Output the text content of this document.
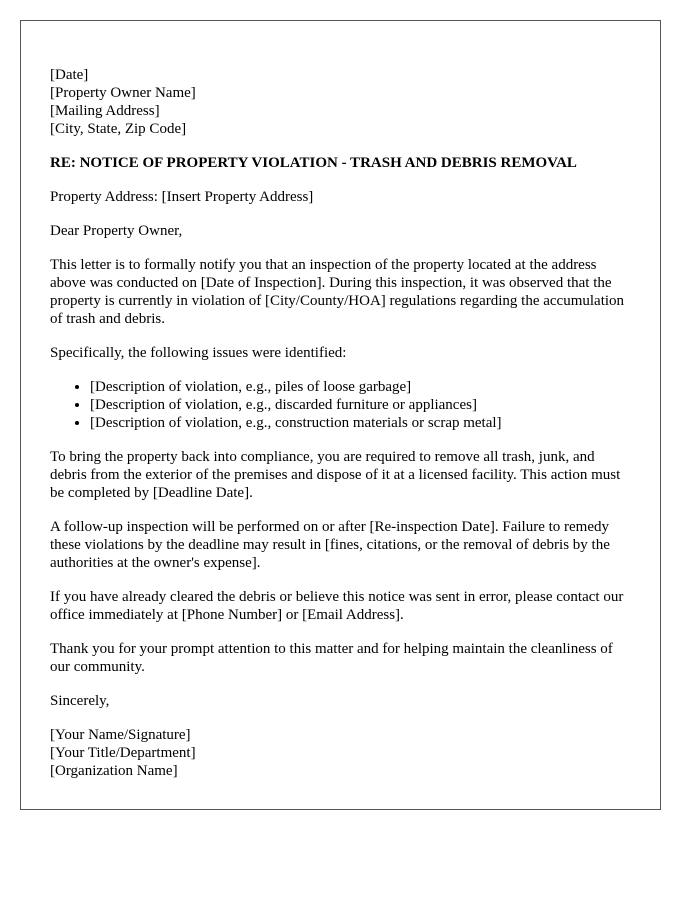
[Date]
[Property Owner Name]
[Mailing Address]
[City, State, Zip Code]

RE: NOTICE OF PROPERTY VIOLATION - TRASH AND DEBRIS REMOVAL

Property Address: [Insert Property Address]

Dear Property Owner,

This letter is to formally notify you that an inspection of the property located at the address above was conducted on [Date of Inspection]. During this inspection, it was observed that the property is currently in violation of [City/County/HOA] regulations regarding the accumulation of trash and debris.

Specifically, the following issues were identified:

• [Description of violation, e.g., piles of loose garbage]
• [Description of violation, e.g., discarded furniture or appliances]
• [Description of violation, e.g., construction materials or scrap metal]

To bring the property back into compliance, you are required to remove all trash, junk, and debris from the exterior of the premises and dispose of it at a licensed facility. This action must be completed by [Deadline Date].

A follow-up inspection will be performed on or after [Re-inspection Date]. Failure to remedy these violations by the deadline may result in [fines, citations, or the removal of debris by the authorities at the owner's expense].

If you have already cleared the debris or believe this notice was sent in error, please contact our office immediately at [Phone Number] or [Email Address].

Thank you for your prompt attention to this matter and for helping maintain the cleanliness of our community.

Sincerely,

[Your Name/Signature]
[Your Title/Department]
[Organization Name]
